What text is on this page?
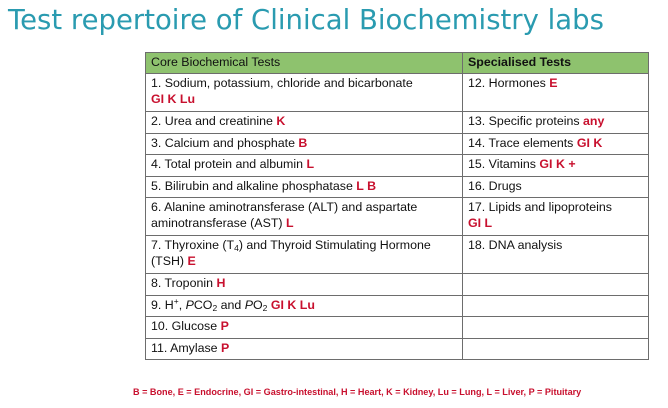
Test repertoire of Clinical Biochemistry labs
Core Biochemical Tests	Specialised Tests
1. Sodium, potassium, chloride and bicarbonate
GI K Lu	12. Hormones E
2. Urea and creatinine K	13. Specific proteins any
3. Calcium and phosphate B	14. Trace elements GI K
4. Total protein and albumin L	15. Vitamins GI K +
5. Bilirubin and alkaline phosphatase L B	16. Drugs
6. Alanine aminotransferase (ALT) and aspartate aminotransferase (AST) L	17. Lipids and lipoproteins
GI L
7. Thyroxine $(T_4)$ and Thyroid Stimulating Hormone (TSH) E	18. DNA analysis
8. Troponin H	
9. H+, $PCO_2$ and $PO_2$ GI K Lu	
10. Glucose P	
11. Amylase P	
B = Bone, E = Endocrine, GI = Gastro-intestinal, H = Heart, K = Kidney, Lu = Lung, L = Liver, P = Pituitary
